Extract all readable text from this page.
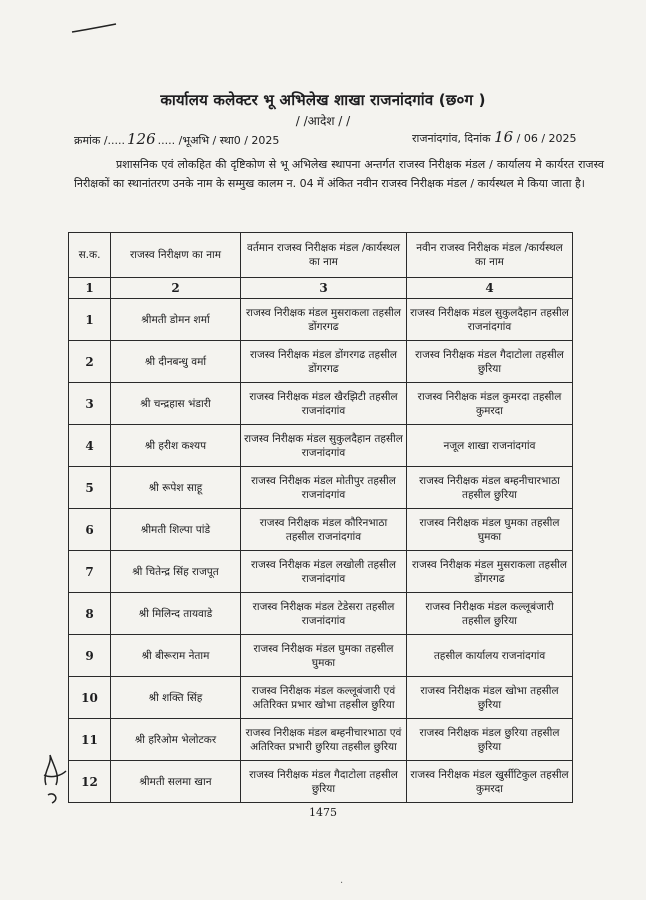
कार्यालय कलेक्टर भू अभिलेख शाखा राजनांदगांव (छ०ग )
/ /आदेश / /
क्रमांक /..... 126 ..... /भूअभि / स्था0 / 2025	राजनांदगांव, दिनांक 16 / 06 / 2025
प्रशासनिक एवं लोकहित की दृष्टिकोण से भू अभिलेख स्थापना अन्तर्गत राजस्व निरीक्षक मंडल / कार्यालय मे कार्यरत राजस्व निरीक्षकों का स्थानांतरण उनके नाम के सम्मुख कालम न. 04 में अंकित नवीन राजस्व निरीक्षक मंडल / कार्यस्थल मे किया जाता है।
स.क.	राजस्व निरीक्षण का नाम	वर्तमान राजस्व निरीक्षक मंडल /कार्यस्थल का नाम	नवीन राजस्व निरीक्षक मंडल /कार्यस्थल का नाम
1	2	3	4
1	श्रीमती डोमन शर्मा	राजस्व निरीक्षक मंडल मुसराकला तहसील डोंगरगढ	राजस्व निरीक्षक मंडल सुकुलदैहान तहसील राजनांदगांव
2	श्री दीनबन्धु वर्मा	राजस्व निरीक्षक मंडल डोंगरगढ तहसील डोंगरगढ	राजस्व निरीक्षक मंडल गैदाटोला तहसील छुरिया
3	श्री चन्द्रहास भंडारी	राजस्व निरीक्षक मंडल खैरझिटी तहसील राजनांदगांव	राजस्व निरीक्षक मंडल कुमरदा तहसील कुमरदा
4	श्री हरीश कश्यप	राजस्व निरीक्षक मंडल सुकुलदैहान तहसील राजनांदगांव	नजूल शाखा राजनांदगांव
5	श्री रूपेश साहू	राजस्व निरीक्षक मंडल मोतीपुर तहसील राजनांदगांव	राजस्व निरीक्षक मंडल बम्हनीचारभाठा तहसील छुरिया
6	श्रीमती शिल्पा पांडे	राजस्व निरीक्षक मंडल कौरिनभाठा तहसील राजनांदगांव	राजस्व निरीक्षक मंडल घुमका तहसील घुमका
7	श्री चितेन्द्र सिंह राजपूत	राजस्व निरीक्षक मंडल लखोली तहसील राजनांदगांव	राजस्व निरीक्षक मंडल मुसराकला तहसील डोंगरगढ
8	श्री मिलिन्द तायवाडे	राजस्व निरीक्षक मंडल टेडेसरा तहसील राजनांदगांव	राजस्व निरीक्षक मंडल कल्लूबंजारी तहसील छुरिया
9	श्री बीरूराम नेताम	राजस्व निरीक्षक मंडल घुमका तहसील घुमका	तहसील कार्यालय राजनांदगांव
10	श्री शक्ति सिंह	राजस्व निरीक्षक मंडल कल्लूबंजारी एवं अतिरिक्त प्रभार खोभा तहसील छुरिया	राजस्व निरीक्षक मंडल खोभा तहसील छुरिया
11	श्री हरिओम भेलोटकर	राजस्व निरीक्षक मंडल बम्हनीचारभाठा एवं अतिरिक्त प्रभारी छुरिया तहसील छुरिया	राजस्व निरीक्षक मंडल छुरिया तहसील छुरिया
12	श्रीमती सलमा खान	राजस्व निरीक्षक मंडल गैदाटोला तहसील छुरिया	राजस्व निरीक्षक मंडल खुर्सीटिकुल तहसील कुमरदा
1475
·
